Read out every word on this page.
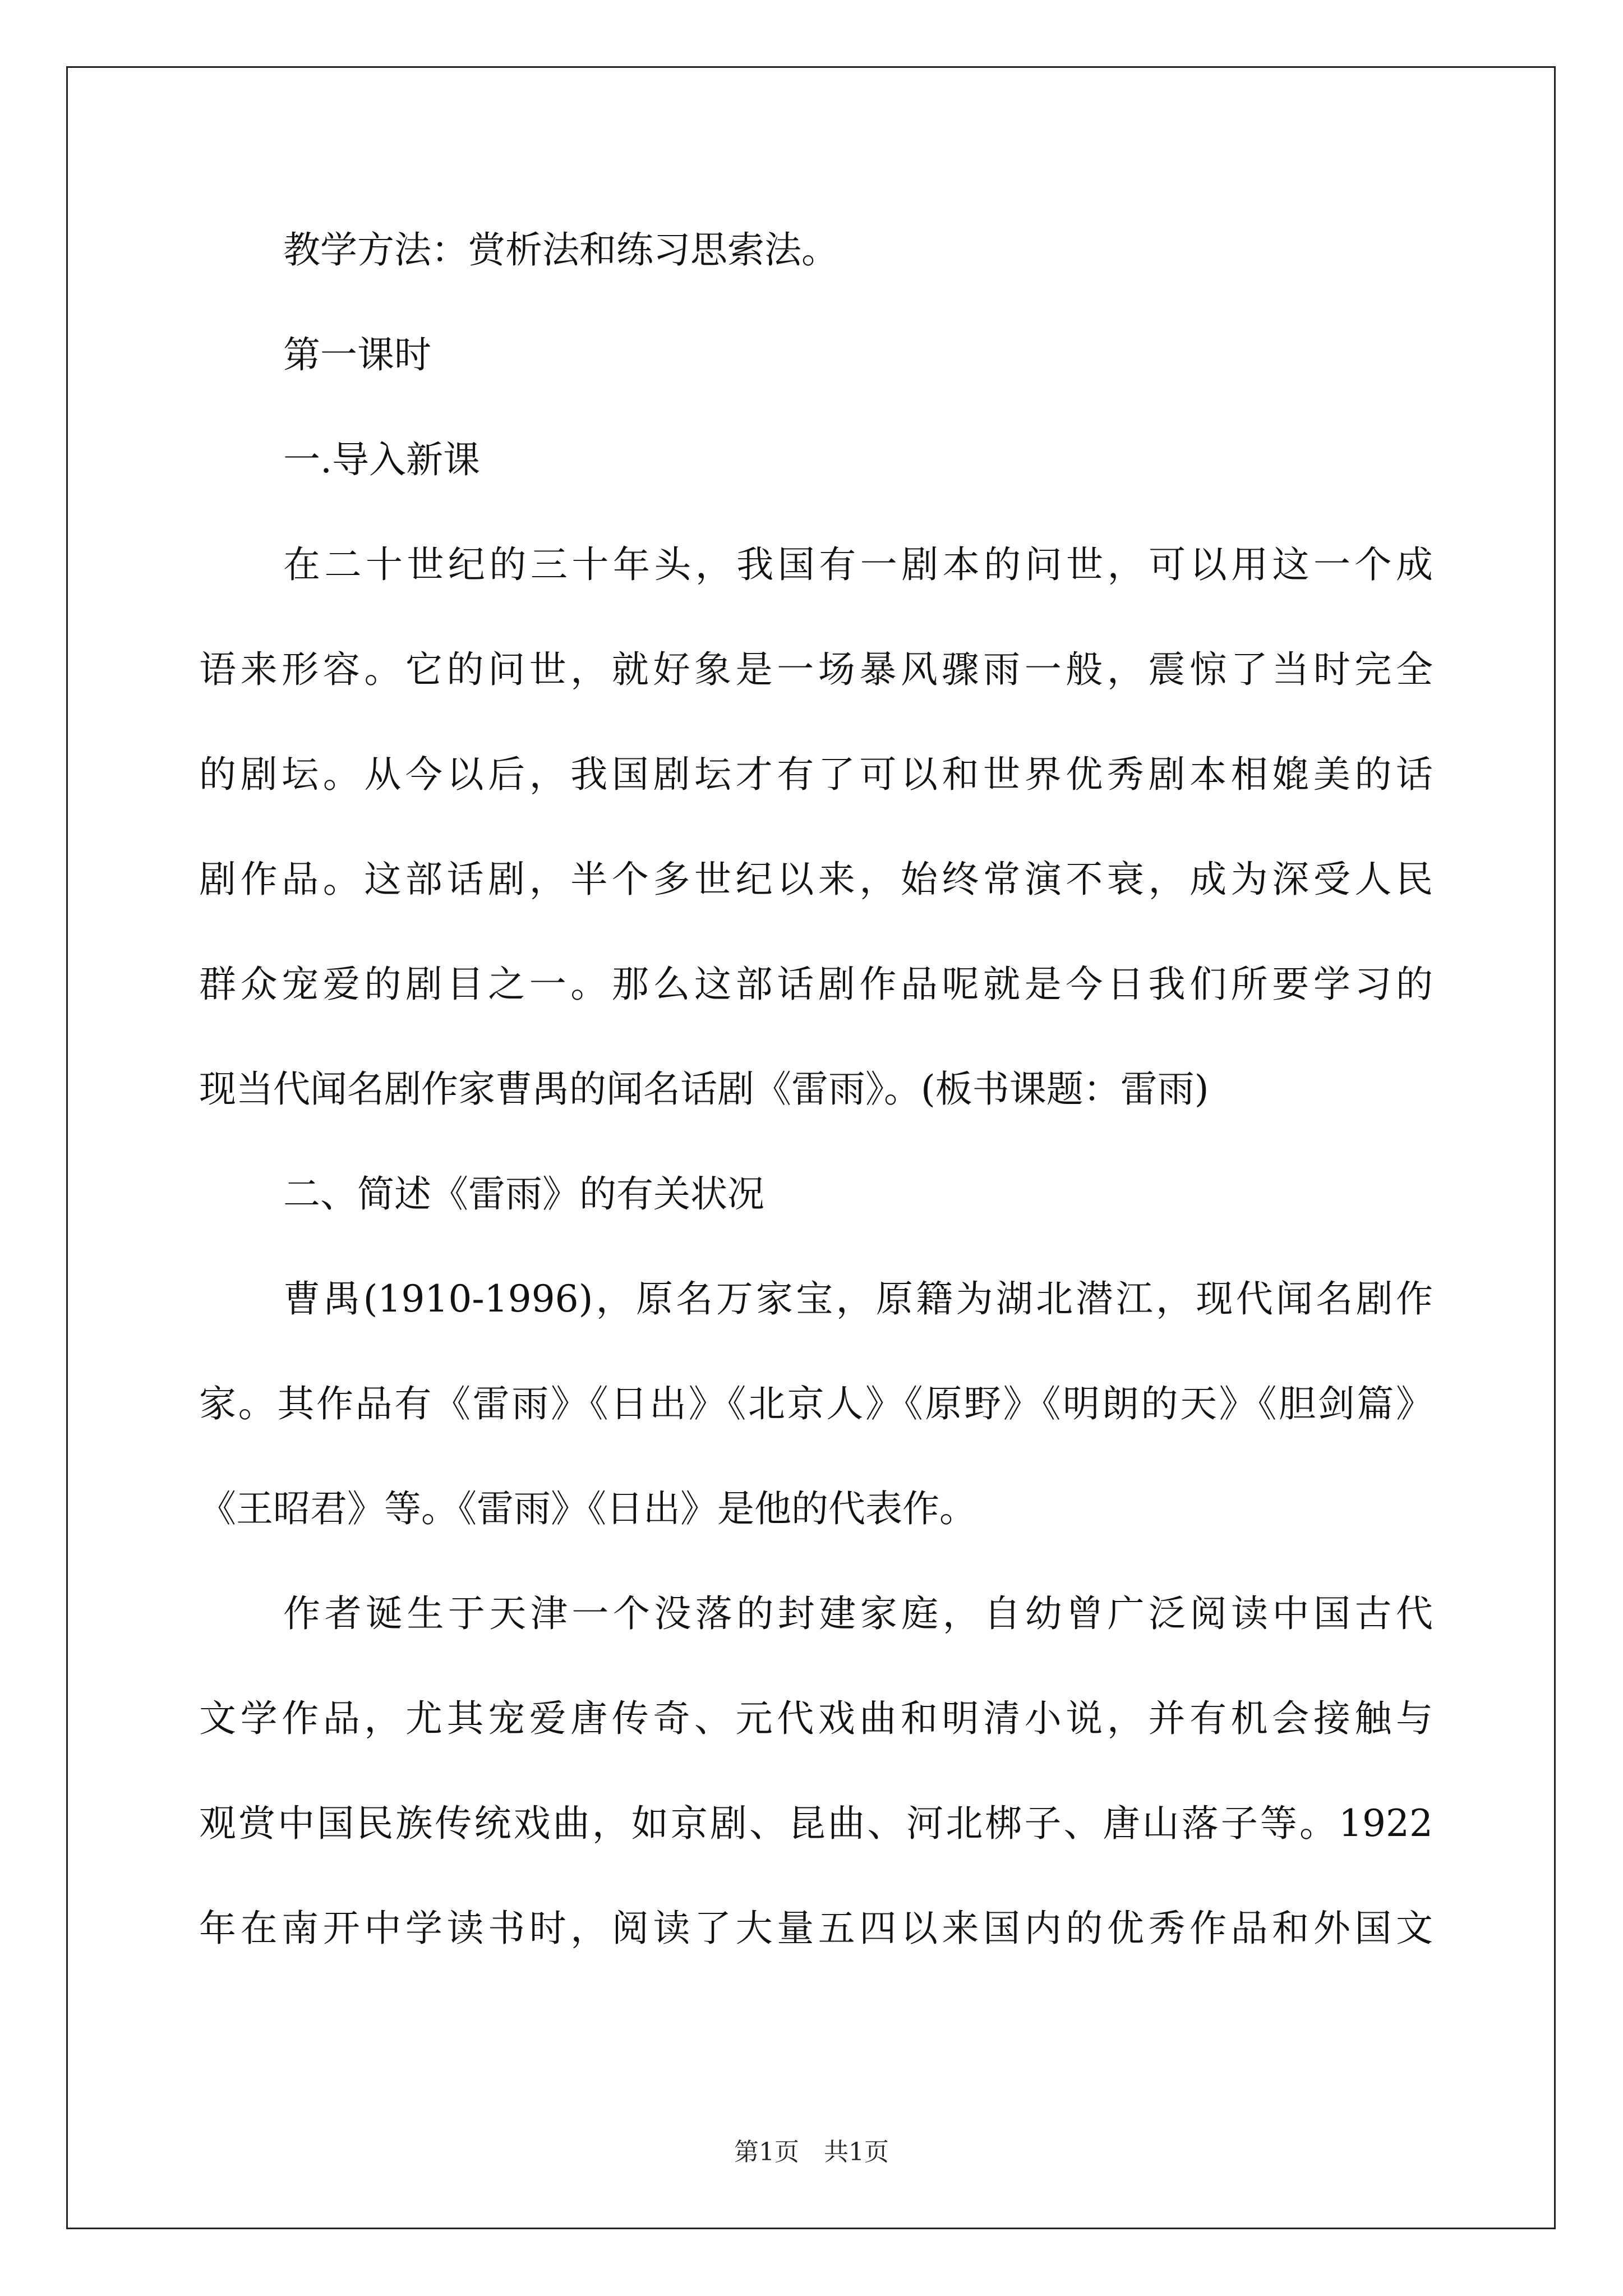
教学方法：赏析法和练习思索法。
第一课时
一.导入新课
在二十世纪的三十年头，我国有一剧本的问世，可以用这一个成
语来形容。它的问世，就好象是一场暴风骤雨一般，震惊了当时完全
的剧坛。从今以后，我国剧坛才有了可以和世界优秀剧本相媲美的话
剧作品。这部话剧，半个多世纪以来，始终常演不衰，成为深受人民
群众宠爱的剧目之一。那么这部话剧作品呢就是今日我们所要学习的
现当代闻名剧作家曹禺的闻名话剧《雷雨》。(板书课题：雷雨)
二、简述《雷雨》的有关状况
曹禺(1910-1996)，原名万家宝，原籍为湖北潜江，现代闻名剧作
家。其作品有《雷雨》《日出》《北京人》《原野》《明朗的天》《胆剑篇》
《王昭君》等。《雷雨》《日出》是他的代表作。
作者诞生于天津一个没落的封建家庭，自幼曾广泛阅读中国古代
文学作品，尤其宠爱唐传奇、元代戏曲和明清小说，并有机会接触与
观赏中国民族传统戏曲，如京剧、昆曲、河北梆子、唐山落子等。1922
年在南开中学读书时，阅读了大量五四以来国内的优秀作品和外国文
第1页　共1页
